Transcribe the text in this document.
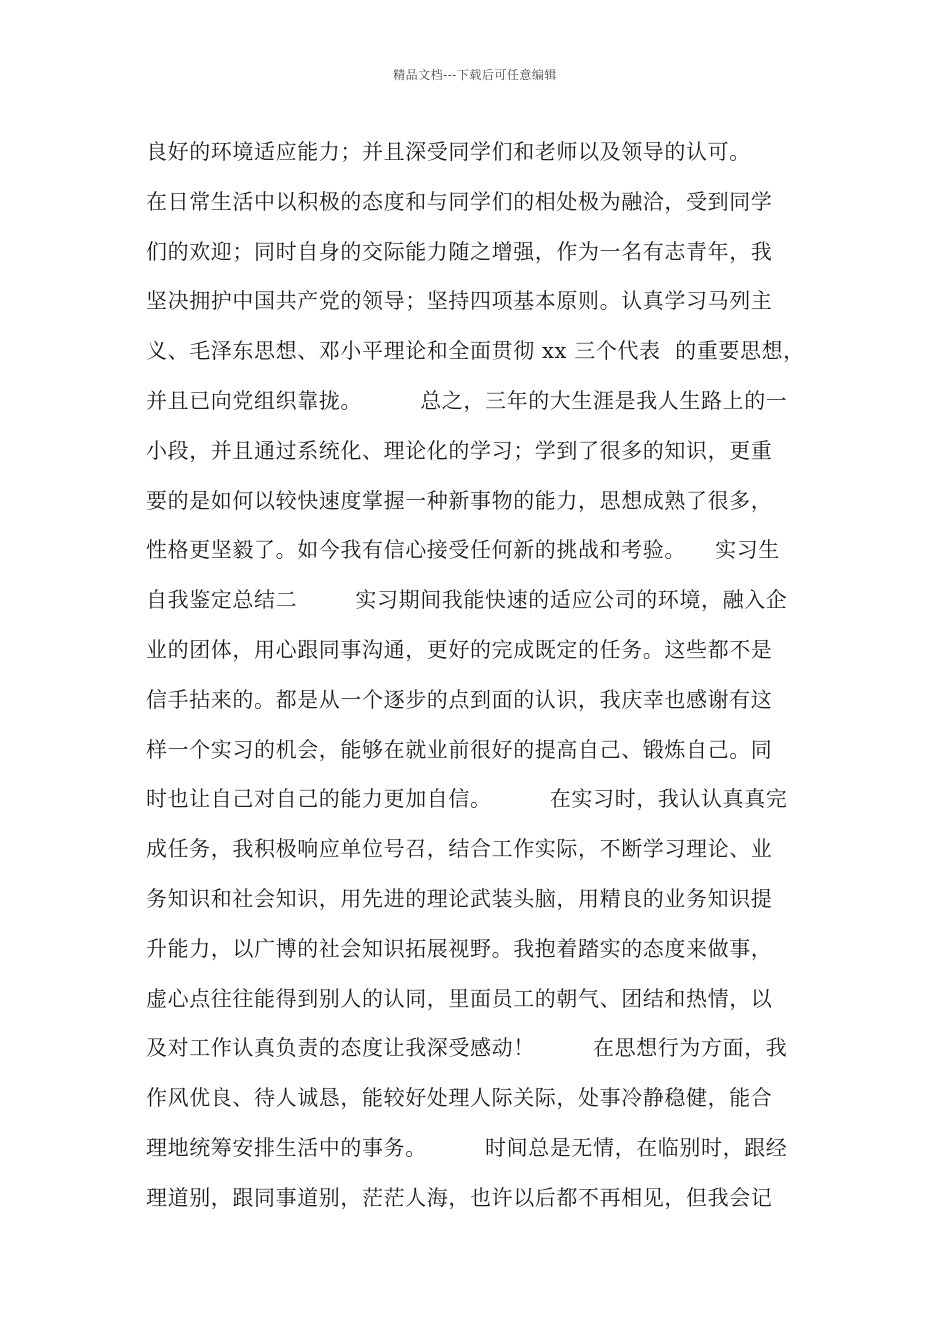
精品文档---下载后可任意编辑
良好的环境适应能力；并且深受同学们和老师以及领导的认可。
在日常生活中以积极的态度和与同学们的相处极为融洽，受到同学
们的欢迎；同时自身的交际能力随之增强，作为一名有志青年，我
坚决拥护中国共产党的领导；坚持四项基本原则。认真学习马列主
义、毛泽东思想、邓小平理论和全面贯彻 xx 三个代表  的重要思想，
并且已向党组织靠拢。        总之，三年的大生涯是我人生路上的一
小段，并且通过系统化、理论化的学习；学到了很多的知识，更重
要的是如何以较快速度掌握一种新事物的能力，思想成熟了很多，
性格更坚毅了。如今我有信心接受任何新的挑战和考验。    实习生
自我鉴定总结二        实习期间我能快速的适应公司的环境，融入企
业的团体，用心跟同事沟通，更好的完成既定的任务。这些都不是
信手拈来的。都是从一个逐步的点到面的认识，我庆幸也感谢有这
样一个实习的机会，能够在就业前很好的提高自己、锻炼自己。同
时也让自己对自己的能力更加自信。        在实习时，我认认真真完
成任务，我积极响应单位号召，结合工作实际，不断学习理论、业
务知识和社会知识，用先进的理论武装头脑，用精良的业务知识提
升能力，以广博的社会知识拓展视野。我抱着踏实的态度来做事，
虚心点往往能得到别人的认同，里面员工的朝气、团结和热情，以
及对工作认真负责的态度让我深受感动！        在思想行为方面，我
作风优良、待人诚恳，能较好处理人际关际，处事冷静稳健，能合
理地统筹安排生活中的事务。        时间总是无情，在临别时，跟经
理道别，跟同事道别，茫茫人海，也许以后都不再相见，但我会记
